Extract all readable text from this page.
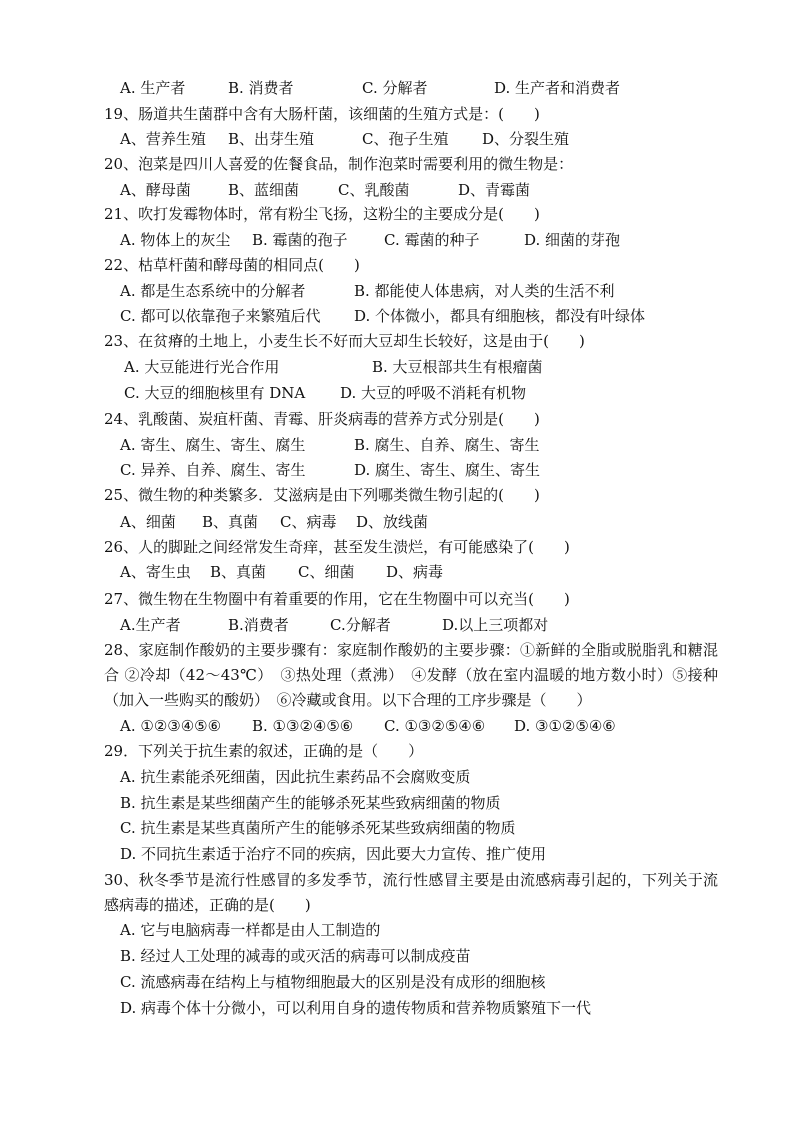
A. 生产者	B. 消费者	C. 分解者	D. 生产者和消费者
19、肠道共生菌群中含有大肠杆菌，该细菌的生殖方式是：(　　)
A、营养生殖 B、出芽生殖	C、孢子生殖 D、分裂生殖
20、泡菜是四川人喜爱的佐餐食品，制作泡菜时需要利用的微生物是：
A、酵母菌 B、蓝细菌	C、乳酸菌	D、青霉菌
21、吹打发霉物体时，常有粉尘飞扬，这粉尘的主要成分是(　　)
A. 物体上的灰尘 B. 霉菌的孢子 C. 霉菌的种子	D. 细菌的芽孢
22、枯草杆菌和酵母菌的相同点(　　)
A. 都是生态系统中的分解者	B. 都能使人体患病，对人类的生活不利
C. 都可以依靠孢子来繁殖后代 D. 个体微小，都具有细胞核，都没有叶绿体
23、在贫瘠的土地上，小麦生长不好而大豆却生长较好，这是由于(　　)
A. 大豆能进行光合作用	B. 大豆根部共生有根瘤菌
C. 大豆的细胞核里有 DNA D. 大豆的呼吸不消耗有机物
24、乳酸菌、炭疽杆菌、青霉、肝炎病毒的营养方式分别是(　　)
A. 寄生、腐生、寄生、腐生	B. 腐生、自养、腐生、寄生
C. 异养、自养、腐生、寄生	D. 腐生、寄生、腐生、寄生
25、微生物的种类繁多．艾滋病是由下列哪类微生物引起的(　　)
A、细菌 B、真菌 C、病毒 D、放线菌
26、人的脚趾之间经常发生奇痒，甚至发生溃烂，有可能感染了(　　)
A、寄生虫 B、真菌 C、细菌 D、病毒
27、微生物在生物圈中有着重要的作用，它在生物圈中可以充当(　　)
A.生产者	B.消费者	C.分解者	D.以上三项都对
28、家庭制作酸奶的主要步骤有：家庭制作酸奶的主要步骤：①新鲜的全脂或脱脂乳和糖混合 ②冷却（42～43℃）　③热处理（煮沸）　④发酵（放在室内温暖的地方数小时）⑤接种（加入一些购买的酸奶）　⑥冷藏或食用。以下合理的工序步骤是（　　）
A. ①②③④⑤⑥ B. ①③②④⑤⑥ C. ①③②⑤④⑥ D. ③①②⑤④⑥
29．下列关于抗生素的叙述，正确的是（　　）
A. 抗生素能杀死细菌，因此抗生素药品不会腐败变质
B. 抗生素是某些细菌产生的能够杀死某些致病细菌的物质
C. 抗生素是某些真菌所产生的能够杀死某些致病细菌的物质
D. 不同抗生素适于治疗不同的疾病，因此要大力宣传、推广使用
30、秋冬季节是流行性感冒的多发季节，流行性感冒主要是由流感病毒引起的，下列关于流感病毒的描述，正确的是(　　)
A. 它与电脑病毒一样都是由人工制造的
B. 经过人工处理的减毒的或灭活的病毒可以制成疫苗
C. 流感病毒在结构上与植物细胞最大的区别是没有成形的细胞核
D. 病毒个体十分微小，可以利用自身的遗传物质和营养物质繁殖下一代
